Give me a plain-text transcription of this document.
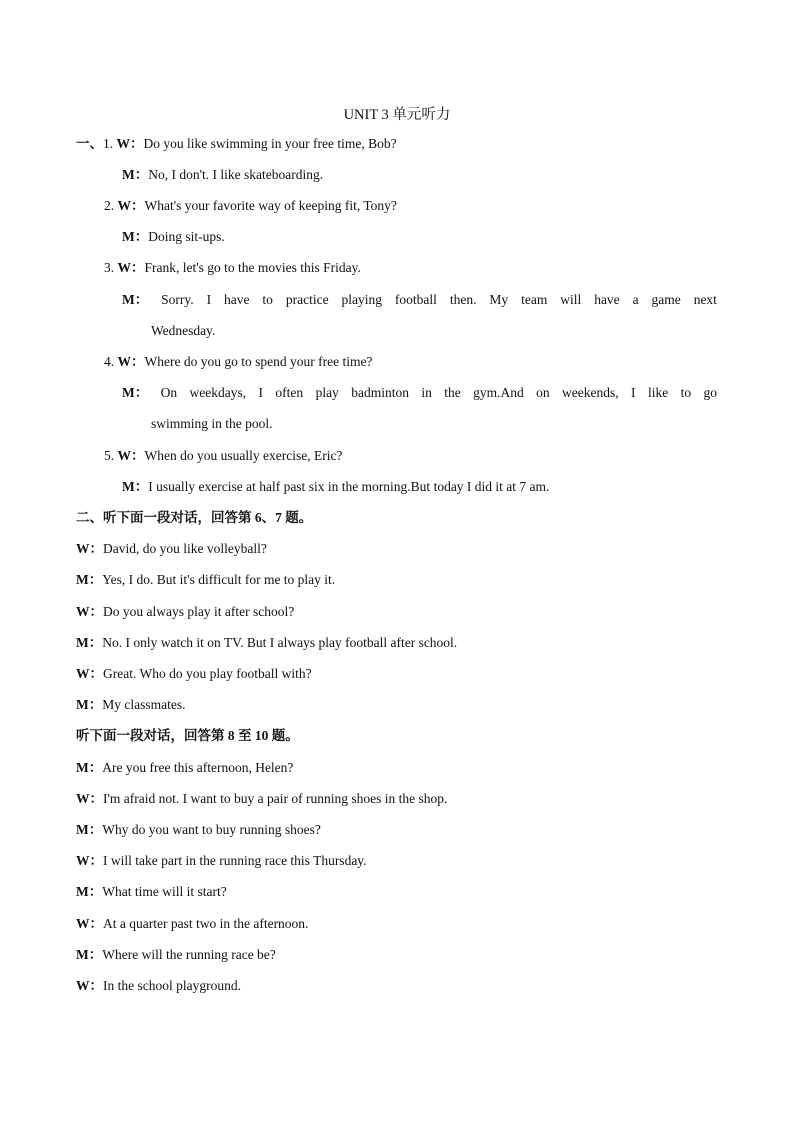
UNIT 3 单元听力
一、1. W：Do you like swimming in your free time, Bob?
M：No, I don't. I like skateboarding.
2. W：What's your favorite way of keeping fit, Tony?
M：Doing sit-ups.
3. W：Frank, let's go to the movies this Friday.
M： Sorry. I have to practice playing football then. My team will have a game next
Wednesday.
4. W：Where do you go to spend your free time?
M： On weekdays, I often play badminton in the gym.And on weekends, I like to go
swimming in the pool.
5. W：When do you usually exercise, Eric?
M：I usually exercise at half past six in the morning.But today I did it at 7 am.
二、听下面一段对话，回答第 6、7 题。
W：David, do you like volleyball?
M：Yes, I do. But it's difficult for me to play it.
W：Do you always play it after school?
M：No. I only watch it on TV. But I always play football after school.
W：Great. Who do you play football with?
M：My classmates.
听下面一段对话，回答第 8 至 10 题。
M：Are you free this afternoon, Helen?
W：I'm afraid not. I want to buy a pair of running shoes in the shop.
M：Why do you want to buy running shoes?
W：I will take part in the running race this Thursday.
M：What time will it start?
W：At a quarter past two in the afternoon.
M：Where will the running race be?
W：In the school playground.
